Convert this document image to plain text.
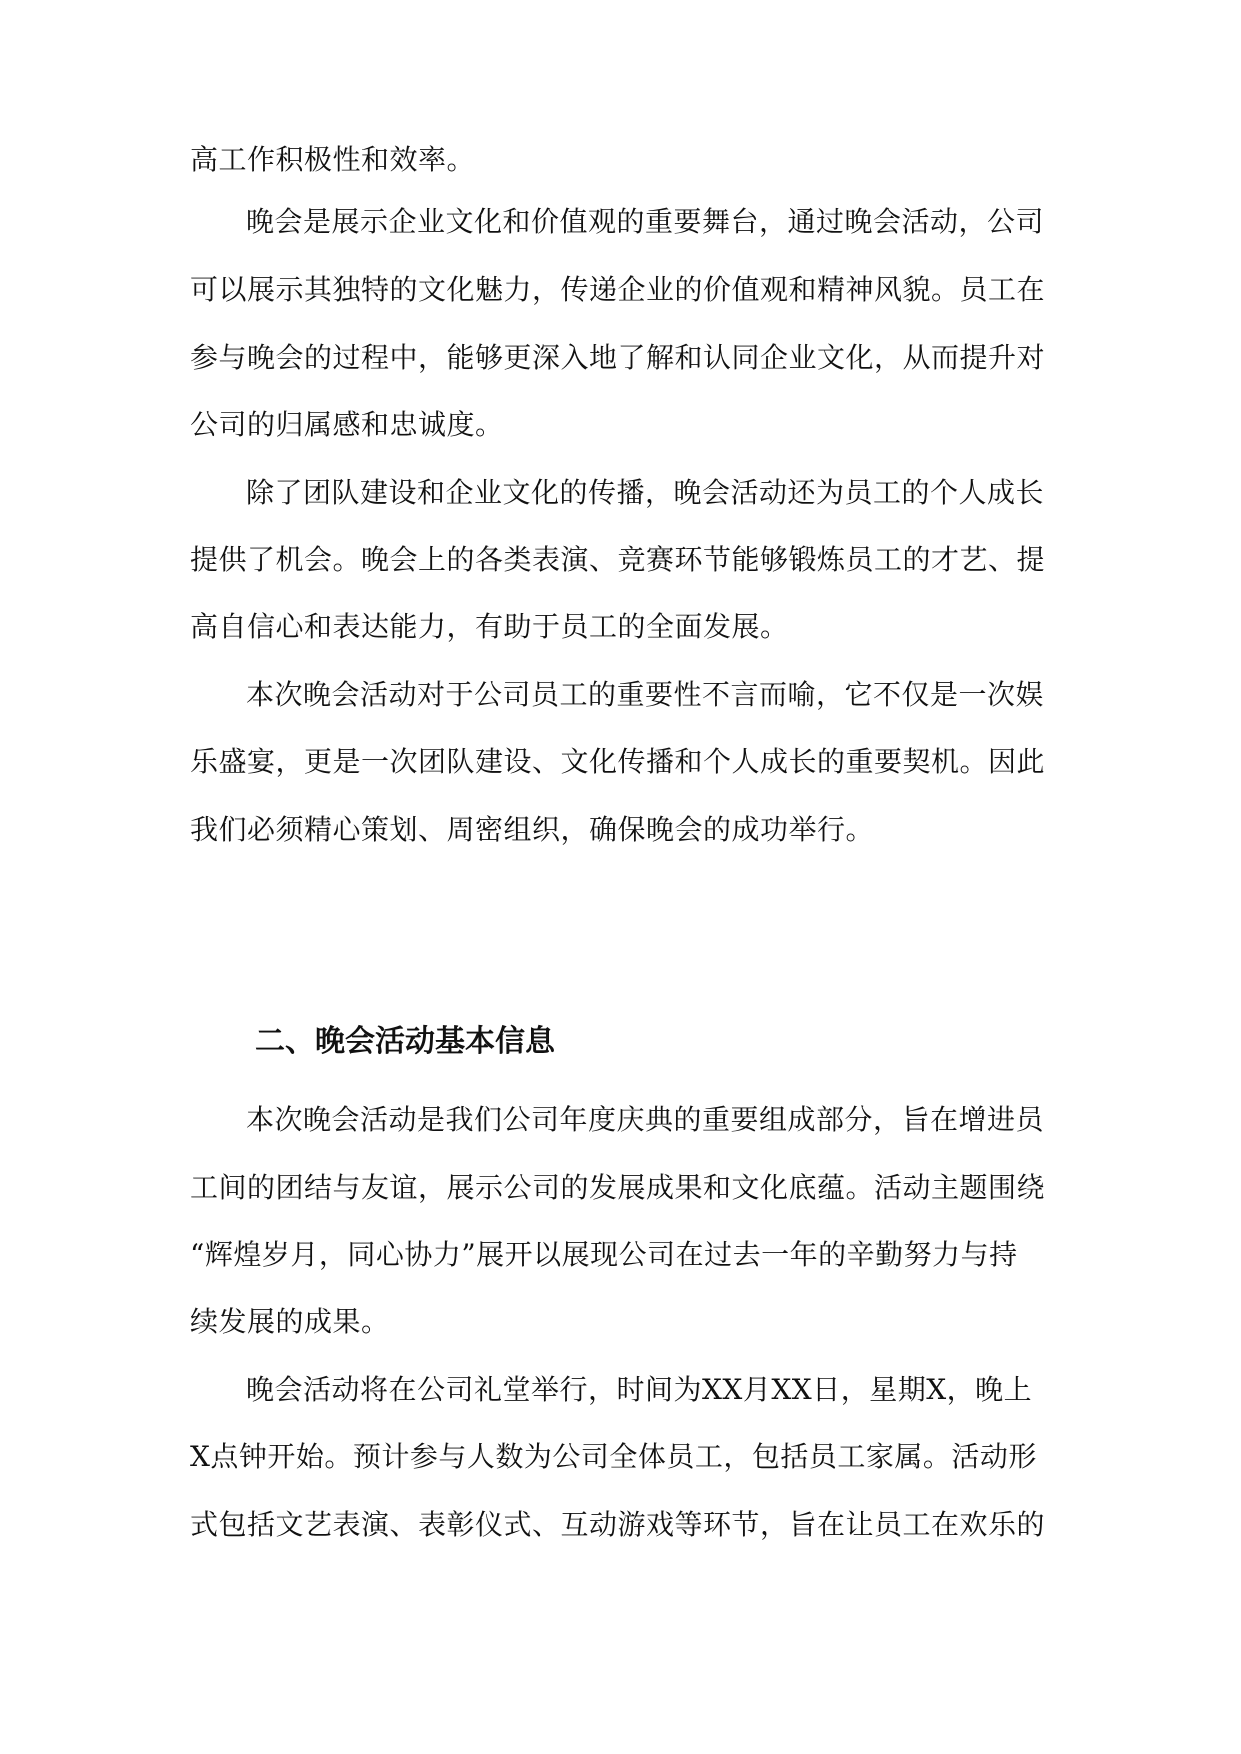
高工作积极性和效率。
晚会是展示企业文化和价值观的重要舞台，通过晚会活动，公司
可以展示其独特的文化魅力，传递企业的价值观和精神风貌。员工在
参与晚会的过程中，能够更深入地了解和认同企业文化，从而提升对
公司的归属感和忠诚度。
除了团队建设和企业文化的传播，晚会活动还为员工的个人成长
提供了机会。晚会上的各类表演、竞赛环节能够锻炼员工的才艺、提
高自信心和表达能力，有助于员工的全面发展。
本次晚会活动对于公司员工的重要性不言而喻，它不仅是一次娱
乐盛宴，更是一次团队建设、文化传播和个人成长的重要契机。因此
我们必须精心策划、周密组织，确保晚会的成功举行。
二、晚会活动基本信息
本次晚会活动是我们公司年度庆典的重要组成部分，旨在增进员
工间的团结与友谊，展示公司的发展成果和文化底蕴。活动主题围绕
“辉煌岁月，同心协力”展开以展现公司在过去一年的辛勤努力与持
续发展的成果。
晚会活动将在公司礼堂举行，时间为XX月XX日，星期X，晚上
X点钟开始。预计参与人数为公司全体员工，包括员工家属。活动形
式包括文艺表演、表彰仪式、互动游戏等环节，旨在让员工在欢乐的
